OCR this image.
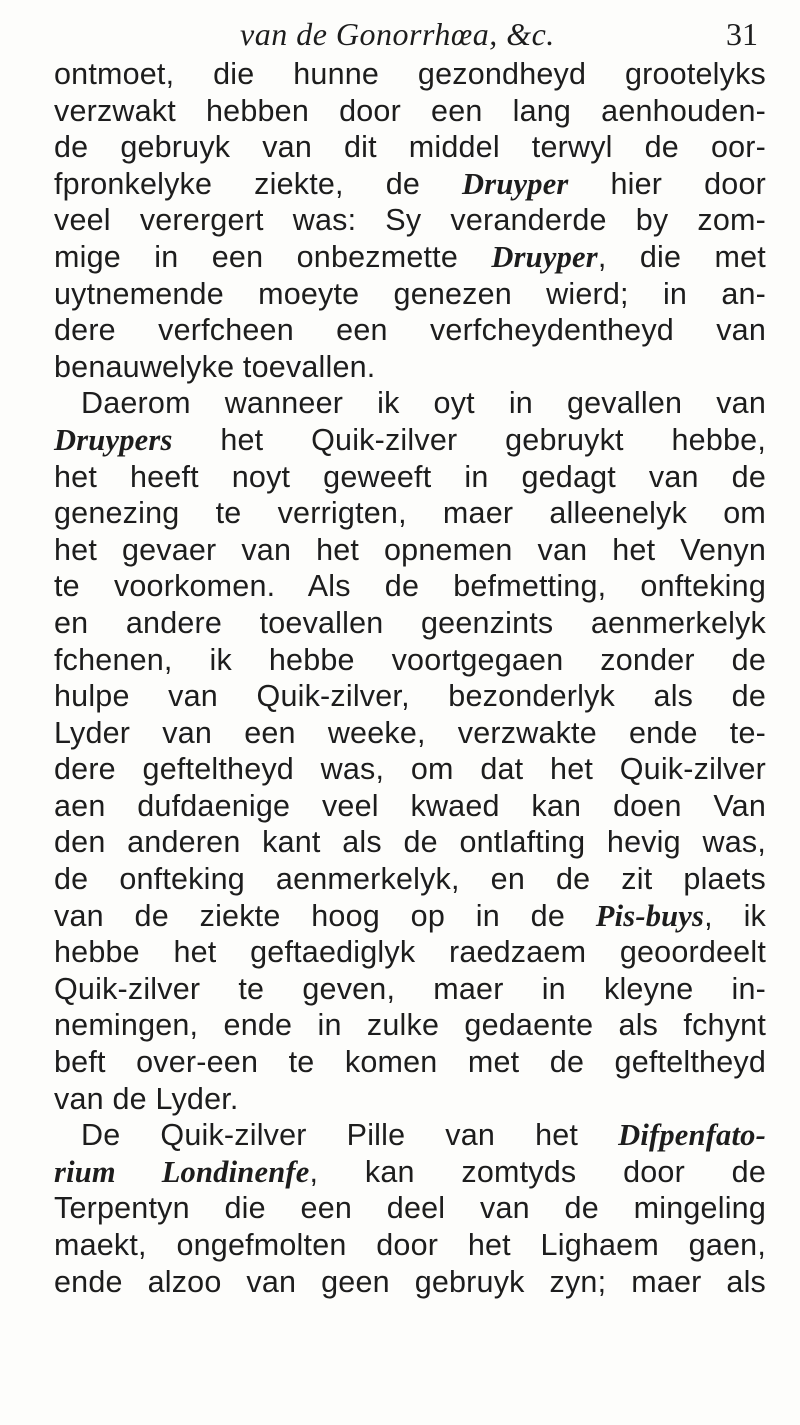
van de Gonorrhœa, &c.	31
ontmoet, die hunne gezondheyd grootelyks
verzwakt hebben door een lang aenhouden-
de gebruyk van dit middel terwyl de oor-
fpronkelyke ziekte, de Druyper hier door
veel verergert was: Sy veranderde by zom-
mige in een onbezmette Druyper, die met
uytnemende moeyte genezen wierd; in an-
dere verfcheen een verfcheydentheyd van
benauwelyke toevallen.
Daerom wanneer ik oyt in gevallen van
Druypers het Quik-zilver gebruykt hebbe,
het heeft noyt geweeft in gedagt van de
genezing te verrigten, maer alleenelyk om
het gevaer van het opnemen van het Venyn
te voorkomen. Als de befmetting, onfteking
en andere toevallen geenzints aenmerkelyk
fchenen, ik hebbe voortgegaen zonder de
hulpe van Quik-zilver, bezonderlyk als de
Lyder van een weeke, verzwakte ende te-
dere gefteltheyd was, om dat het Quik-zilver
aen dufdaenige veel kwaed kan doen Van
den anderen kant als de ontlafting hevig was,
de onfteking aenmerkelyk, en de zit plaets
van de ziekte hoog op in de Pis-buys, ik
hebbe het geftaediglyk raedzaem geoordeelt
Quik-zilver te geven, maer in kleyne in-
nemingen, ende in zulke gedaente als fchynt
beft over-een te komen met de gefteltheyd
van de Lyder.
De Quik-zilver Pille van het Difpenfato-
rium Londinenfe, kan zomtyds door de
Terpentyn die een deel van de mingeling
maekt, ongefmolten door het Lighaem gaen,
ende alzoo van geen gebruyk zyn; maer als
